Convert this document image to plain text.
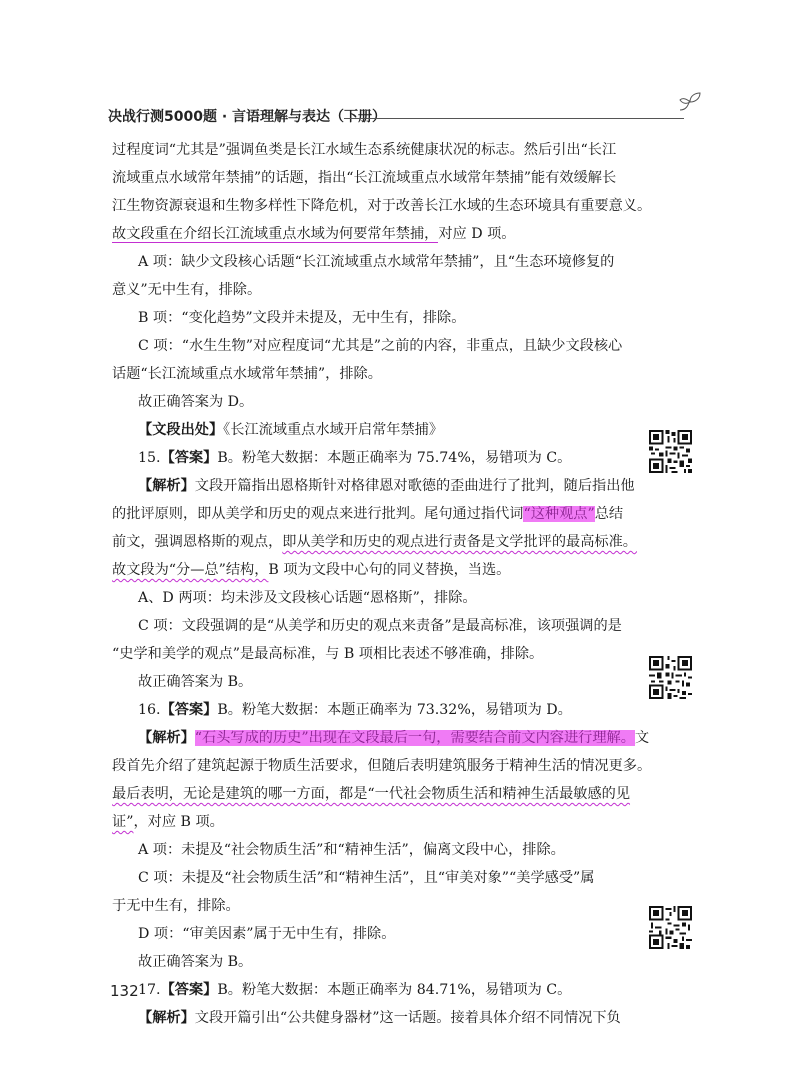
决战行测5000题 · 言语理解与表达（下册）

过程度词“尤其是”强调鱼类是长江水域生态系统健康状况的标志。然后引出“长江

流域重点水域常年禁捕”的话题，指出“长江流域重点水域常年禁捕”能有效缓解长

江生物资源衰退和生物多样性下降危机，对于改善长江水域的生态环境具有重要意义。

故文段重在介绍长江流域重点水域为何要常年禁捕，对应 D 项。

A 项：缺少文段核心话题“长江流域重点水域常年禁捕”，且“生态环境修复的

意义”无中生有，排除。

B 项：“变化趋势”文段并未提及，无中生有，排除。

C 项：“水生生物”对应程度词“尤其是”之前的内容，非重点，且缺少文段核心

话题“长江流域重点水域常年禁捕”，排除。

故正确答案为 D。

【文段出处】《长江流域重点水域开启常年禁捕》

15.【答案】B。粉笔大数据：本题正确率为 75.74%，易错项为 C。

【解析】文段开篇指出恩格斯针对格律恩对歌德的歪曲进行了批判，随后指出他

的批评原则，即从美学和历史的观点来进行批判。尾句通过指代词“这种观点”总结

前文，强调恩格斯的观点，即从美学和历史的观点进行责备是文学批评的最高标准。

故文段为“分—总”结构，B 项为文段中心句的同义替换，当选。

A、D 两项：均未涉及文段核心话题“恩格斯”，排除。

C 项：文段强调的是“从美学和历史的观点来责备”是最高标准，该项强调的是

“史学和美学的观点”是最高标准，与 B 项相比表述不够准确，排除。

故正确答案为 B。

16.【答案】B。粉笔大数据：本题正确率为 73.32%，易错项为 D。

【解析】“石头写成的历史”出现在文段最后一句，需要结合前文内容进行理解。文

段首先介绍了建筑起源于物质生活要求，但随后表明建筑服务于精神生活的情况更多。

最后表明，无论是建筑的哪一方面，都是“一代社会物质生活和精神生活最敏感的见

证”，对应 B 项。

A 项：未提及“社会物质生活”和“精神生活”，偏离文段中心，排除。

C 项：未提及“社会物质生活”和“精神生活”，且“审美对象”“美学感受”属

于无中生有，排除。

D 项：“审美因素”属于无中生有，排除。

故正确答案为 B。

17.【答案】B。粉笔大数据：本题正确率为 84.71%，易错项为 C。

【解析】文段开篇引出“公共健身器材”这一话题。接着具体介绍不同情况下负

132
